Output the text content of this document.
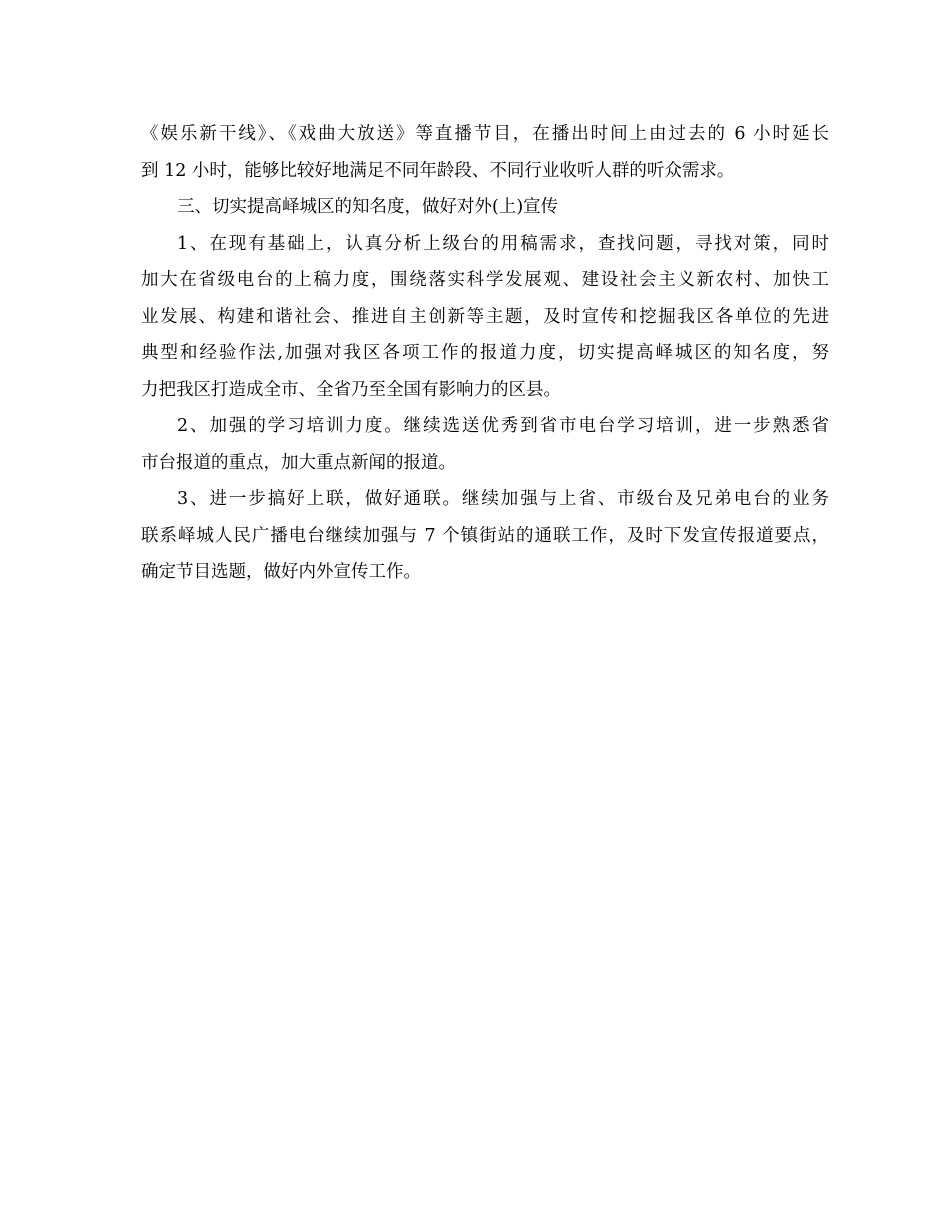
《娱乐新干线》、《戏曲大放送》等直播节目，在播出时间上由过去的 6 小时延长
到 12 小时，能够比较好地满足不同年龄段、不同行业收听人群的听众需求。
三、切实提高峄城区的知名度，做好对外(上)宣传
1、在现有基础上，认真分析上级台的用稿需求，查找问题，寻找对策，同时
加大在省级电台的上稿力度，围绕落实科学发展观、建设社会主义新农村、加快工
业发展、构建和谐社会、推进自主创新等主题，及时宣传和挖掘我区各单位的先进
典型和经验作法,加强对我区各项工作的报道力度，切实提高峄城区的知名度，努
力把我区打造成全市、全省乃至全国有影响力的区县。
2、加强的学习培训力度。继续选送优秀到省市电台学习培训，进一步熟悉省
市台报道的重点，加大重点新闻的报道。
3、进一步搞好上联，做好通联。继续加强与上省、市级台及兄弟电台的业务
联系峄城人民广播电台继续加强与 7 个镇街站的通联工作，及时下发宣传报道要点，
确定节目选题，做好内外宣传工作。
